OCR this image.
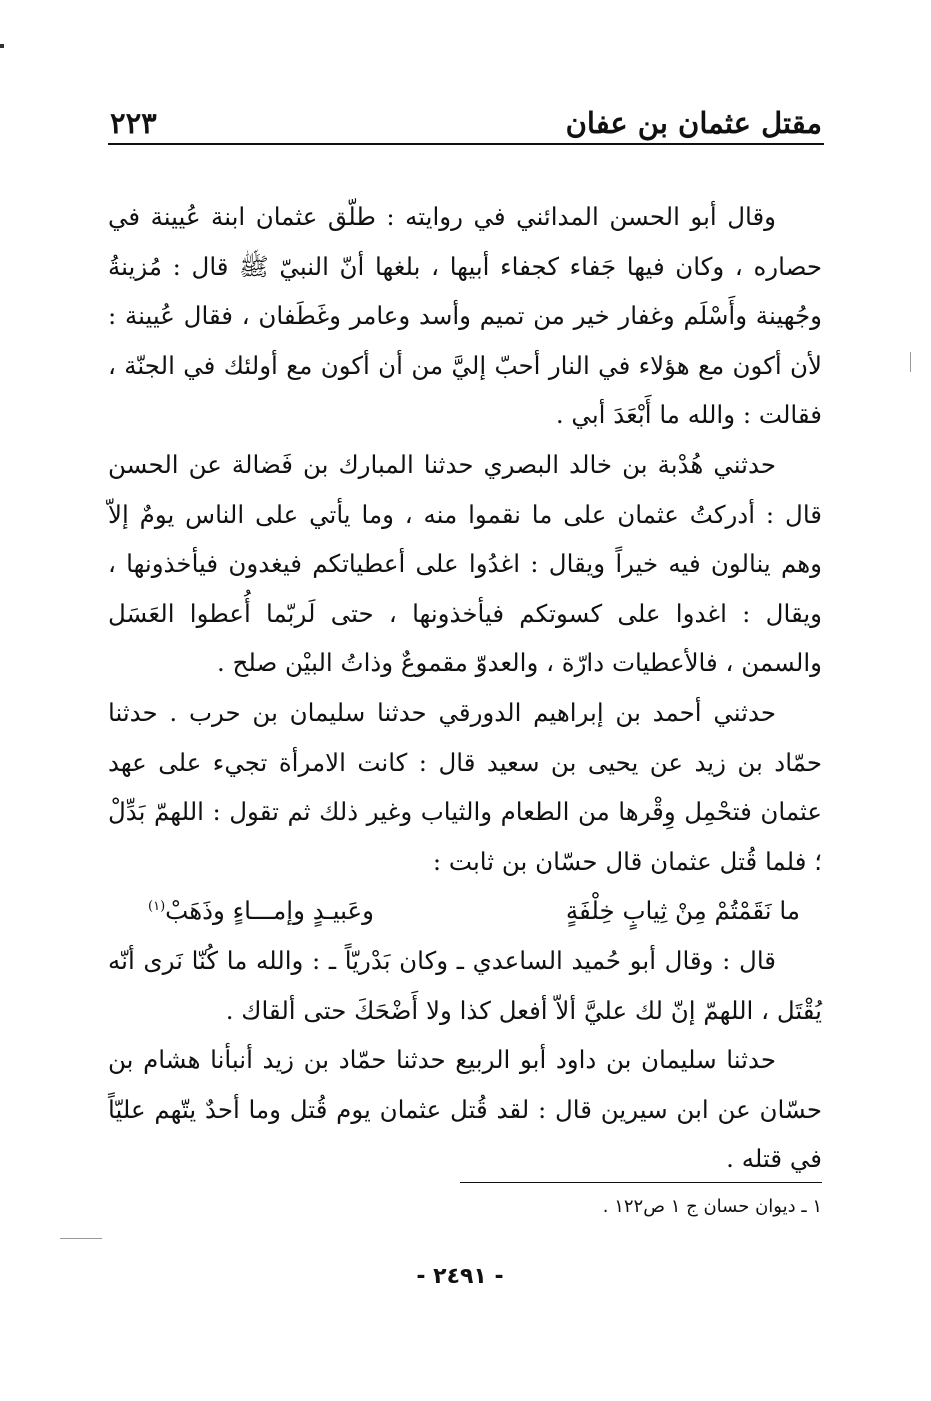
مقتل عثمان بن عفان
٢٢٣

وقال أبو الحسن المدائني في روايته : طلّق عثمان ابنة عُيينة في حصاره ، وكان فيها جَفاء كجفاء أبيها ، بلغها أنّ النبيّ ﷺ قال : مُزينةُ وجُهينة وأَسْلَم وغفار خير من تميم وأسد وعامر وغَطَفان ، فقال عُيينة : لأن أكون مع هؤلاء في النار أحبّ إليَّ من أن أكون مع أولئك في الجنّة ، فقالت : والله ما أَبْعَدَ أبي .

حدثني هُدْبة بن خالد البصري حدثنا المبارك بن فَضالة عن الحسن قال : أدركتُ عثمان على ما نقموا منه ، وما يأتي على الناس يومٌ إلاّ وهم ينالون فيه خيراً ويقال : اغدُوا على أعطياتكم فيغدون فيأخذونها ، ويقال : اغدوا على كسوتكم فيأخذونها ، حتى لَربّما أُعطوا العَسَل والسمن ، فالأعطيات دارّة ، والعدوّ مقموعٌ وذاتُ البيْن صلح .

حدثني أحمد بن إبراهيم الدورقي حدثنا سليمان بن حرب . حدثنا حمّاد بن زيد عن يحيى بن سعيد قال : كانت الامرأة تجيء على عهد عثمان فتحْمِل وِقْرها من الطعام والثياب وغير ذلك ثم تقول : اللهمّ بَدِّلْ ؛ فلما قُتل عثمان قال حسّان بن ثابت :

ما نَقَمْتُمْ مِنْ ثِيابٍ خِلْفَةٍ
وعَبيـدٍ وإمـــاءٍ وذَهَبْ$^{(١)}$

قال : وقال أبو حُميد الساعدي ـ وكان بَدْريّاً ـ : والله ما كُنّا نَرى أنّه يُقْتَل ، اللهمّ إنّ لك عليَّ ألاّ أفعل كذا ولا أَضْحَكَ حتى ألقاك .

حدثنا سليمان بن داود أبو الربيع حدثنا حمّاد بن زيد أنبأنا هشام بن حسّان عن ابن سيرين قال : لقد قُتل عثمان يوم قُتل وما أحدٌ يتّهم عليّاً في قتله .

١ ـ ديوان حسان ج ١ ص١٢٢ .
- ٢٤٩١ -
